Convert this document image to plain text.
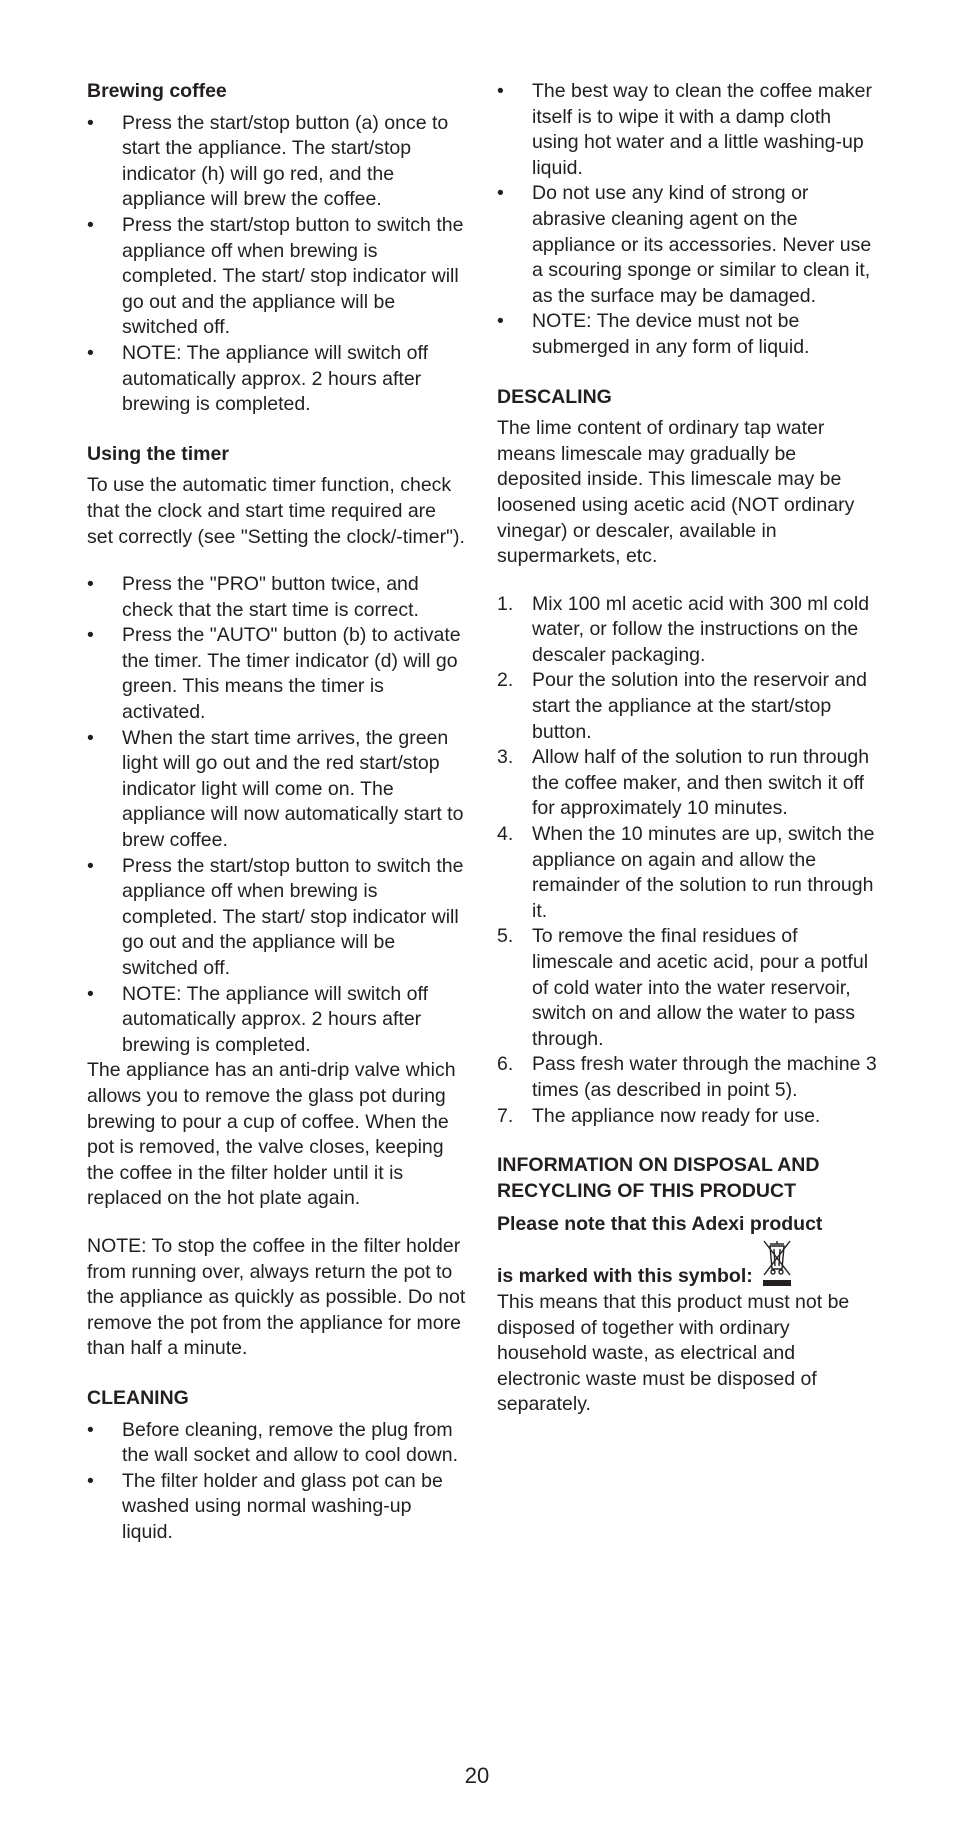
Brewing coffee
• Press the start/stop button (a) once to start the appliance. The start/stop indicator (h) will go red, and the appliance will brew the coffee.
• Press the start/stop button to switch the appliance off when brewing is completed. The start/ stop indicator will go out and the appliance will be switched off.
• NOTE: The appliance will switch off automatically approx. 2 hours after brewing is completed.
Using the timer

To use the automatic timer function, check that the clock and start time required are set correctly (see "Setting the clock/-timer").

• Press the "PRO" button twice, and check that the start time is correct.
• Press the "AUTO" button (b) to activate the timer. The timer indicator (d) will go green. This means the timer is activated.
• When the start time arrives, the green light will go out and the red start/stop indicator light will come on. The appliance will now automatically start to brew coffee.
• Press the start/stop button to switch the appliance off when brewing is completed. The start/ stop indicator will go out and the appliance will be switched off.
• NOTE: The appliance will switch off automatically approx. 2 hours after brewing is completed.

The appliance has an anti-drip valve which allows you to remove the glass pot during brewing to pour a cup of coffee. When the pot is removed, the valve closes, keeping the coffee in the filter holder until it is replaced on the hot plate again.

NOTE: To stop the coffee in the filter holder from running over, always return the pot to the appliance as quickly as possible. Do not remove the pot from the appliance for more than half a minute.

CLEANING
• Before cleaning, remove the plug from the wall socket and allow to cool down.
• The filter holder and glass pot can be washed using normal washing-up liquid.
• The best way to clean the coffee maker itself is to wipe it with a damp cloth using hot water and a little washing-up liquid.
• Do not use any kind of strong or abrasive cleaning agent on the appliance or its accessories. Never use a scouring sponge or similar to clean it, as the surface may be damaged.
• NOTE: The device must not be submerged in any form of liquid.
DESCALING

The lime content of ordinary tap water means limescale may gradually be deposited inside. This limescale may be loosened using acetic acid (NOT ordinary vinegar) or descaler, available in supermarkets, etc.

1. Mix 100 ml acetic acid with 300 ml cold water, or follow the instructions on the descaler packaging.
2. Pour the solution into the reservoir and start the appliance at the start/stop button.
3. Allow half of the solution to run through the coffee maker, and then switch it off for approximately 10 minutes.
4. When the 10 minutes are up, switch the appliance on again and allow the remainder of the solution to run through it.
5. To remove the final residues of limescale and acetic acid, pour a potful of cold water into the water reservoir, switch on and allow the water to pass through.
6. Pass fresh water through the machine 3 times (as described in point 5).
7. The appliance now ready for use.
INFORMATION ON DISPOSAL AND RECYCLING OF THIS PRODUCT

Please note that this Adexi product

is marked with this symbol:

This means that this product must not be disposed of together with ordinary household waste, as electrical and electronic waste must be disposed of separately.

20
